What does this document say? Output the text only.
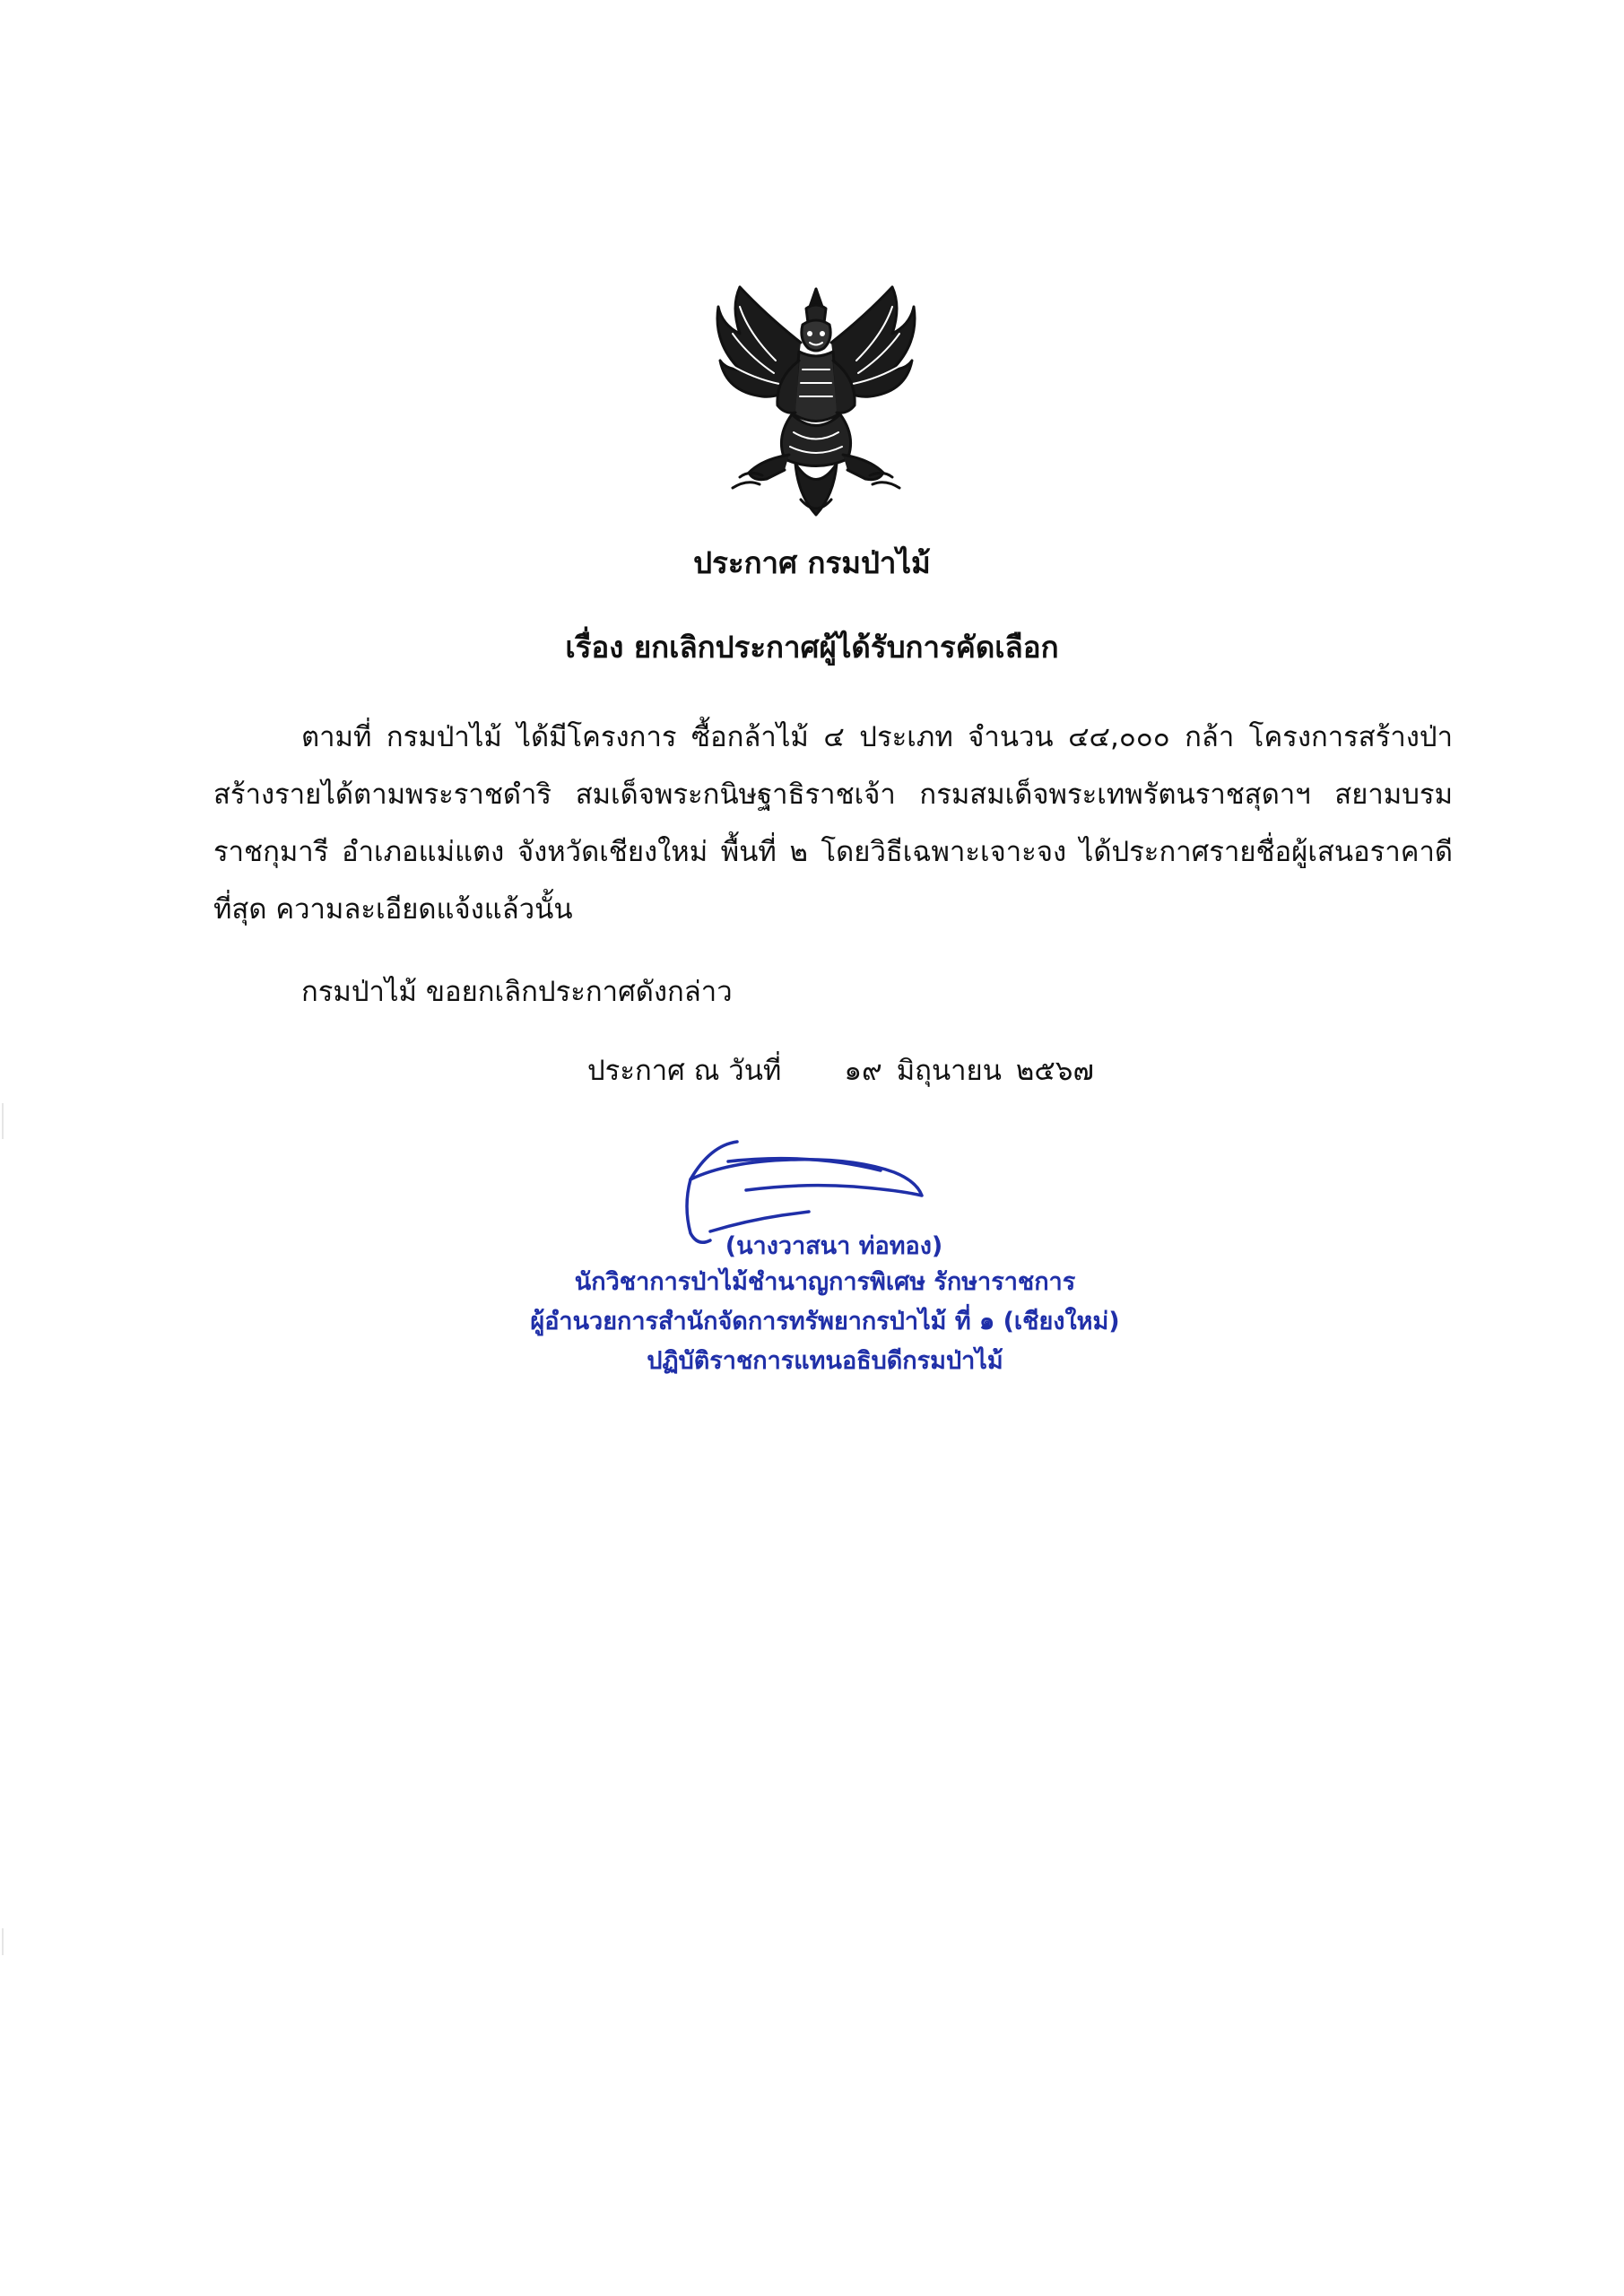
ประกาศ กรมป่าไม้
เรื่อง ยกเลิกประกาศผู้ได้รับการคัดเลือก
ตามที่ กรมป่าไม้ ได้มีโครงการ ซื้อกล้าไม้ ๔ ประเภท จำนวน ๔๔,๐๐๐ กล้า โครงการสร้างป่าสร้างรายได้ตามพระราชดำริ สมเด็จพระกนิษฐาธิราชเจ้า กรมสมเด็จพระเทพรัตนราชสุดาฯ สยามบรมราชกุมารี อำเภอแม่แตง จังหวัดเชียงใหม่ พื้นที่ ๒ โดยวิธีเฉพาะเจาะจง ได้ประกาศรายชื่อผู้เสนอราคาดีที่สุด ความละเอียดแจ้งแล้วนั้น
กรมป่าไม้ ขอยกเลิกประกาศดังกล่าว
ประกาศ ณ วันที่ ๑๙ มิถุนายน ๒๕๖๗
(นางวาสนา ท่อทอง)
นักวิชาการป่าไม้ชำนาญการพิเศษ รักษาราชการ
ผู้อำนวยการสำนักจัดการทรัพยากรป่าไม้ ที่ ๑ (เชียงใหม่)
ปฏิบัติราชการแทนอธิบดีกรมป่าไม้
